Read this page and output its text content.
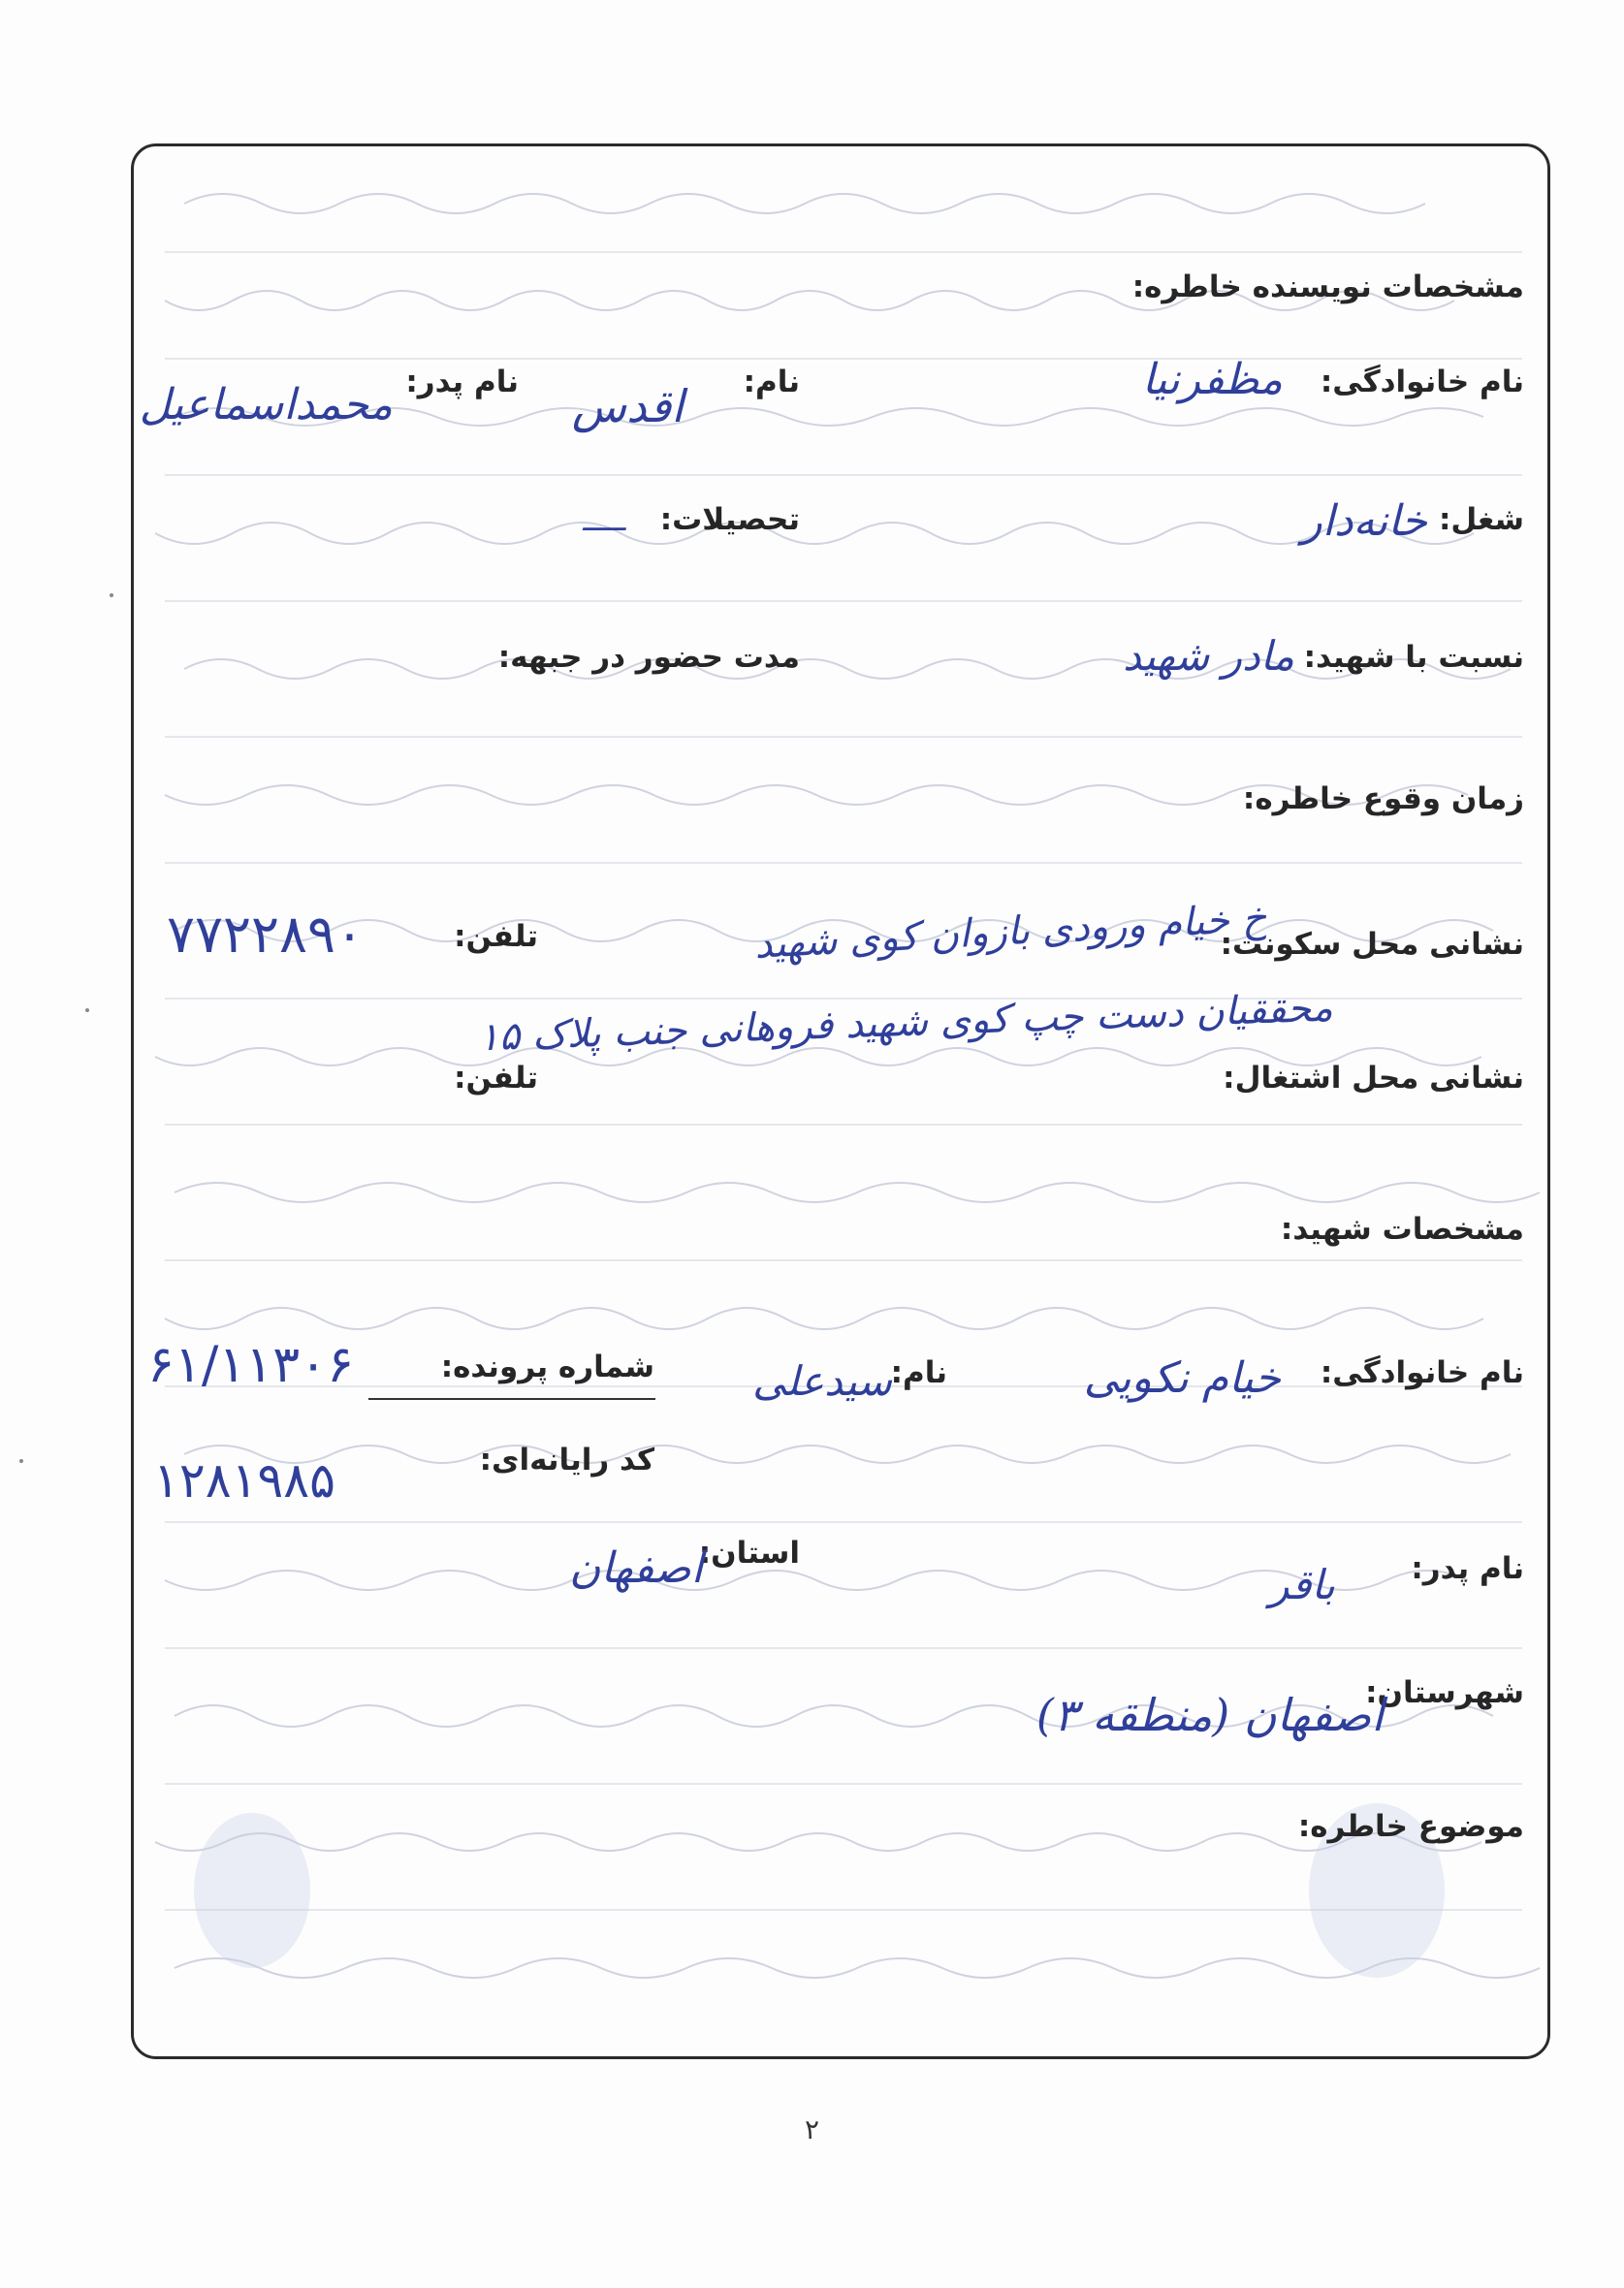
مشخصات نویسنده خاطره:
نام خانوادگی:
مظفرنیا
نام:
اقدس
نام پدر:
محمداسماعیل
شغل:
خانه‌دار
تحصیلات:
ـــــ
نسبت با شهید:
مادر شهید
مدت حضور در جبهه:
زمان وقوع خاطره:
نشانی محل سکونت:
خ خیام ورودی بازوان کوی شهید
محققیان دست چپ کوی شهید فروهانی جنب پلاک ۱۵
تلفن:
۷۷۲۲۸۹۰
نشانی محل اشتغال:
تلفن:
مشخصات شهید:
نام خانوادگی:
خیام نکویی
نام:
سیدعلی
شماره پرونده:
۶۱/۱۱۳۰۶
کد رایانه‌ای:
۱۲۸۱۹۸۵
نام پدر:
باقر
استان:
اصفهان
شهرستان:
اصفهان (منطقه ۳)
موضوع خاطره:
۲
